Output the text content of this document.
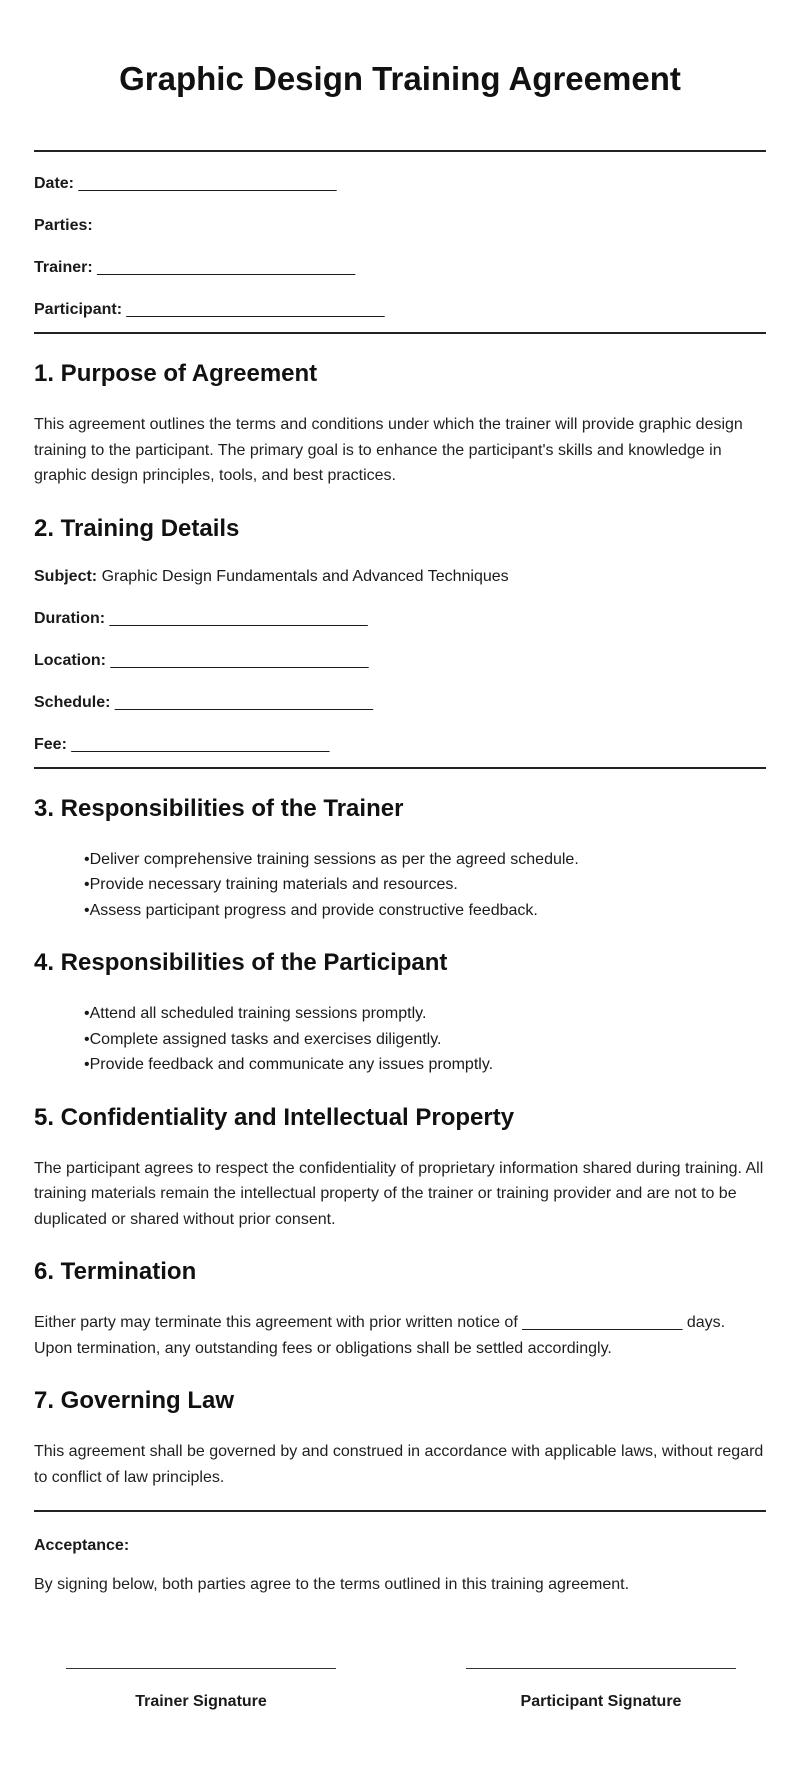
Graphic Design Training Agreement
Date: _____________________________
Parties:
Trainer: _____________________________
Participant: _____________________________
1. Purpose of Agreement

This agreement outlines the terms and conditions under which the trainer will provide graphic design training to the participant. The primary goal is to enhance the participant's skills and knowledge in graphic design principles, tools, and best practices.

2. Training Details
Subject: Graphic Design Fundamentals and Advanced Techniques
Duration: _____________________________
Location: _____________________________
Schedule: _____________________________
Fee: _____________________________
3. Responsibilities of the Trainer
• Deliver comprehensive training sessions as per the agreed schedule.
• Provide necessary training materials and resources.
• Assess participant progress and provide constructive feedback.
4. Responsibilities of the Participant
• Attend all scheduled training sessions promptly.
• Complete assigned tasks and exercises diligently.
• Provide feedback and communicate any issues promptly.
5. Confidentiality and Intellectual Property

The participant agrees to respect the confidentiality of proprietary information shared during training. All training materials remain the intellectual property of the trainer or training provider and are not to be duplicated or shared without prior consent.

6. Termination

Either party may terminate this agreement with prior written notice of __________________ days. Upon termination, any outstanding fees or obligations shall be settled accordingly.

7. Governing Law

This agreement shall be governed by and construed in accordance with applicable laws, without regard to conflict of law principles.

Acceptance:

By signing below, both parties agree to the terms outlined in this training agreement.

Trainer Signature	Participant Signature
